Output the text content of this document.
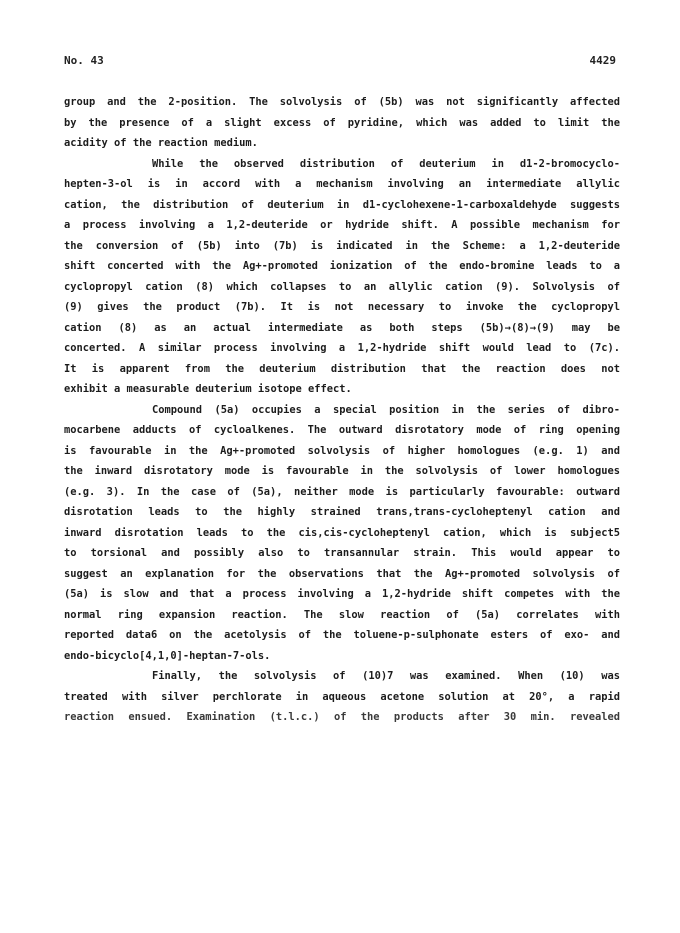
No. 43	4429
group and the 2-position. The solvolysis of (5b) was not significantly affected
by the presence of a slight excess of pyridine, which was added to limit the
acidity of the reaction medium.
While the observed distribution of deuterium in d1-2-bromocyclo-
hepten-3-ol is in accord with a mechanism involving an intermediate allylic
cation, the distribution of deuterium in d1-cyclohexene-1-carboxaldehyde suggests
a process involving a 1,2-deuteride or hydride shift. A possible mechanism for
the conversion of (5b) into (7b) is indicated in the Scheme: a 1,2-deuteride
shift concerted with the Ag+-promoted ionization of the endo-bromine leads to a
cyclopropyl cation (8) which collapses to an allylic cation (9). Solvolysis of
(9) gives the product (7b). It is not necessary to invoke the cyclopropyl
cation (8) as an actual intermediate as both steps (5b)→(8)→(9) may be
concerted. A similar process involving a 1,2-hydride shift would lead to (7c).
It is apparent from the deuterium distribution that the reaction does not
exhibit a measurable deuterium isotope effect.
Compound (5a) occupies a special position in the series of dibro-
mocarbene adducts of cycloalkenes. The outward disrotatory mode of ring opening
is favourable in the Ag+-promoted solvolysis of higher homologues (e.g. 1) and
the inward disrotatory mode is favourable in the solvolysis of lower homologues
(e.g. 3). In the case of (5a), neither mode is particularly favourable: outward
disrotation leads to the highly strained trans,trans-cycloheptenyl cation and
inward disrotation leads to the cis,cis-cycloheptenyl cation, which is subject5
to torsional and possibly also to transannular strain. This would appear to
suggest an explanation for the observations that the Ag+-promoted solvolysis of
(5a) is slow and that a process involving a 1,2-hydride shift competes with the
normal ring expansion reaction. The slow reaction of (5a) correlates with
reported data6 on the acetolysis of the toluene-p-sulphonate esters of exo- and
endo-bicyclo[4,1,0]-heptan-7-ols.
Finally, the solvolysis of (10)7 was examined. When (10) was
treated with silver perchlorate in aqueous acetone solution at 20°, a rapid
reaction ensued. Examination (t.l.c.) of the products after 30 min. revealed
